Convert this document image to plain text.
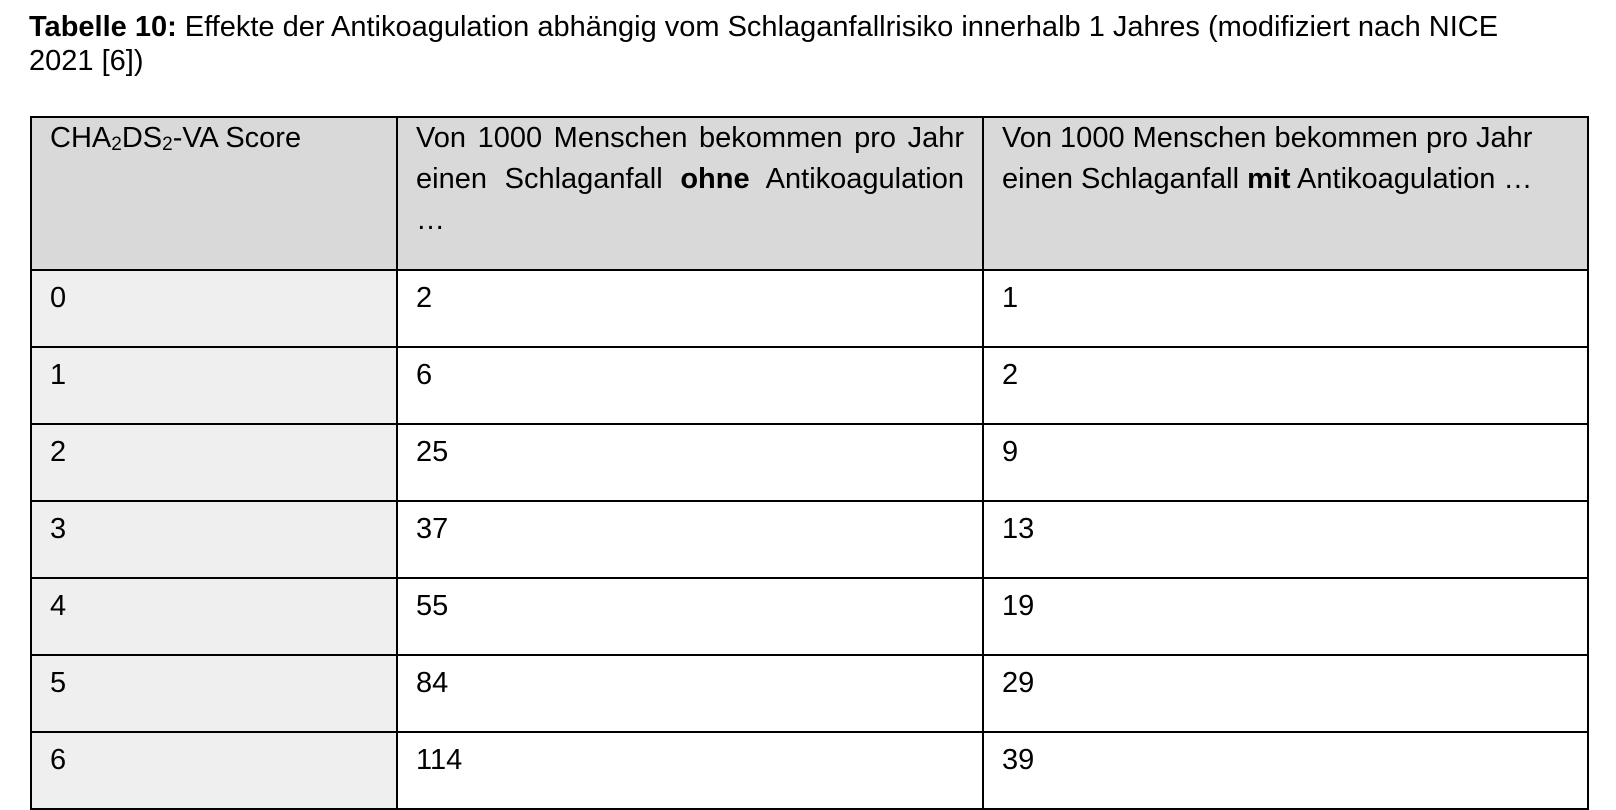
Tabelle 10: Effekte der Antikoagulation abhängig vom Schlaganfallrisiko innerhalb 1 Jahres (modifiziert nach NICE 2021 [6])

$CHA_2DS_2-VA$ Score	Von 1000 Menschen bekommen pro Jahr einen Schlaganfall ohne Antikoagulation …	Von 1000 Menschen bekommen pro Jahr einen Schlaganfall mit Antikoagulation …
0	2	1
1	6	2
2	25	9
3	37	13
4	55	19
5	84	29
6	114	39
